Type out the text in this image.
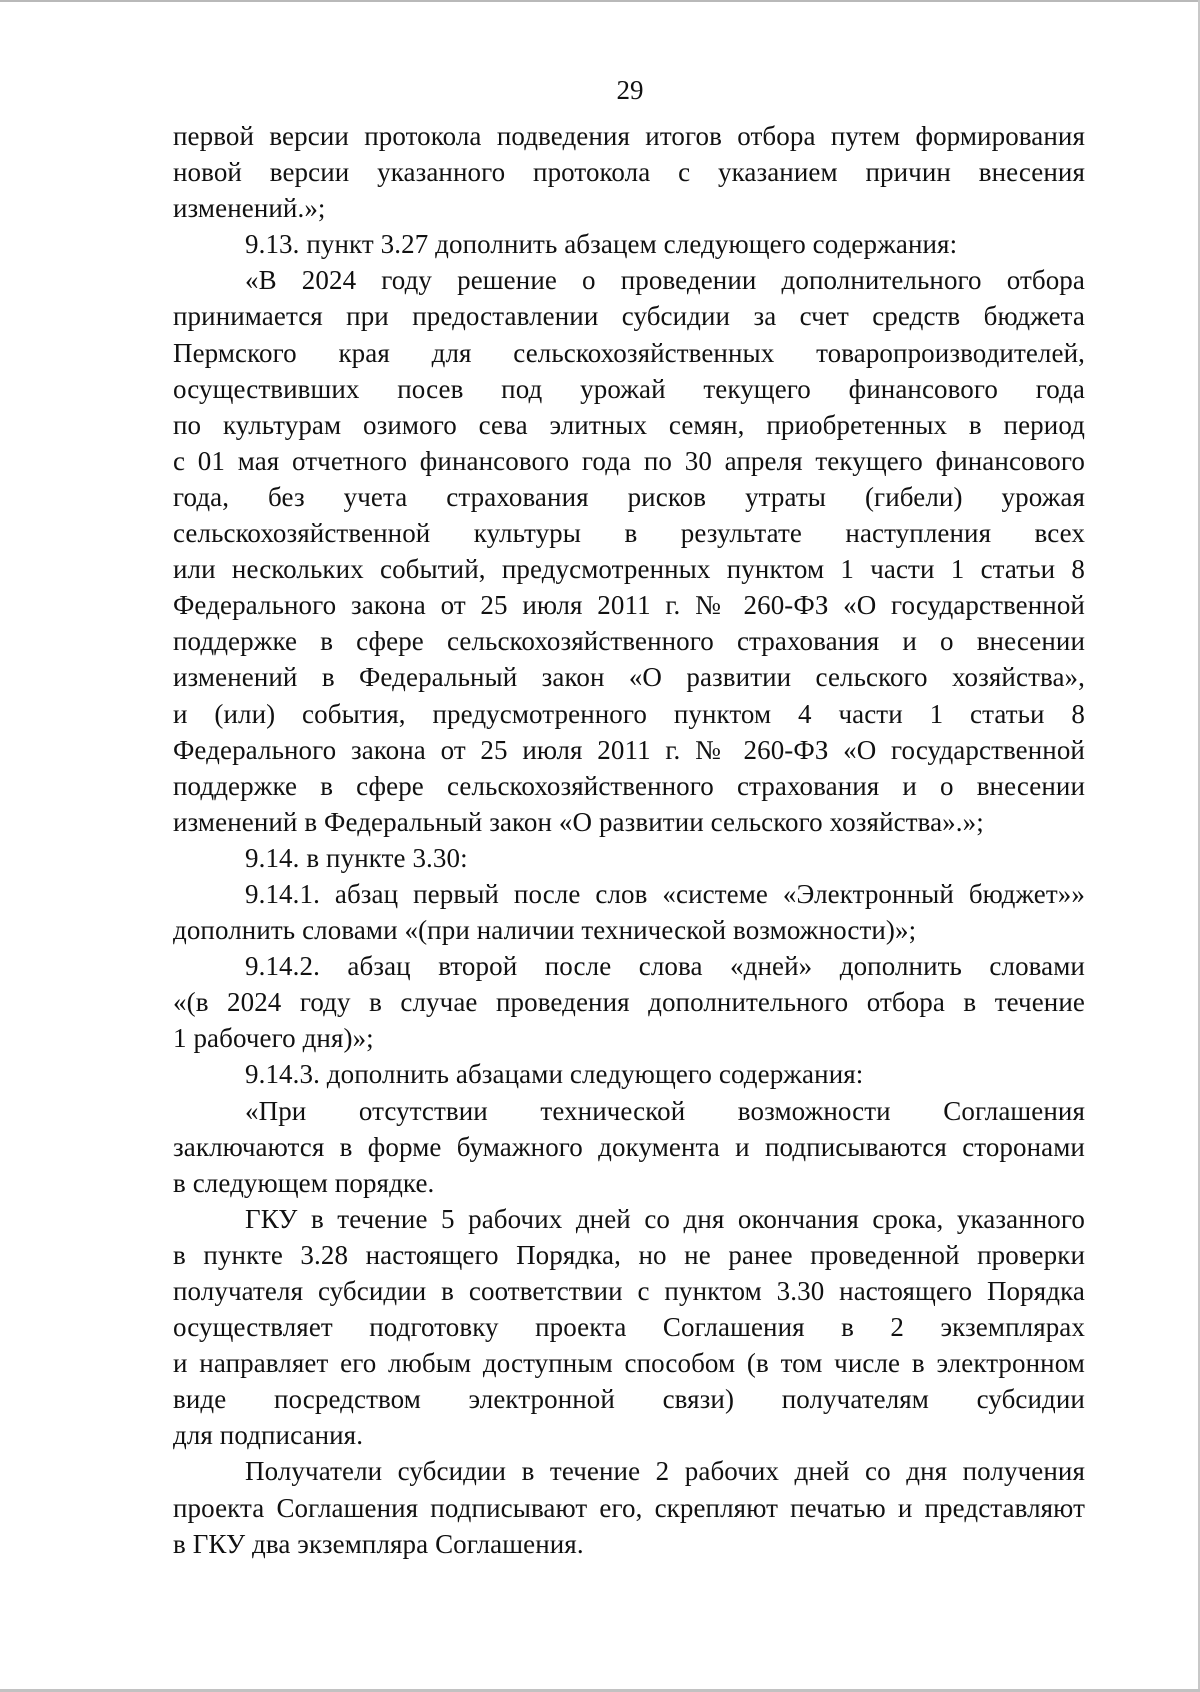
29

первой версии протокола подведения итогов отбора путем формирования
новой версии указанного протокола с указанием причин внесения
изменений.»;

9.13. пункт 3.27 дополнить абзацем следующего содержания:

«В 2024 году решение о проведении дополнительного отбора
принимается при предоставлении субсидии за счет средств бюджета
Пермского края для сельскохозяйственных товаропроизводителей,
осуществивших посев под урожай текущего финансового года
по культурам озимого сева элитных семян, приобретенных в период
с 01 мая отчетного финансового года по 30 апреля текущего финансового
года, без учета страхования рисков утраты (гибели) урожая
сельскохозяйственной культуры в результате наступления всех
или нескольких событий, предусмотренных пунктом 1 части 1 статьи 8
Федерального закона от 25 июля 2011 г. № 260-ФЗ «О государственной
поддержке в сфере сельскохозяйственного страхования и о внесении
изменений в Федеральный закон «О развитии сельского хозяйства»,
и (или) события, предусмотренного пунктом 4 части 1 статьи 8
Федерального закона от 25 июля 2011 г. № 260-ФЗ «О государственной
поддержке в сфере сельскохозяйственного страхования и о внесении
изменений в Федеральный закон «О развитии сельского хозяйства».»;

9.14. в пункте 3.30:

9.14.1. абзац первый после слов «системе «Электронный бюджет»»
дополнить словами «(при наличии технической возможности)»;

9.14.2. абзац второй после слова «дней» дополнить словами
«(в 2024 году в случае проведения дополнительного отбора в течение
1 рабочего дня)»;

9.14.3. дополнить абзацами следующего содержания:

«При отсутствии технической возможности Соглашения
заключаются в форме бумажного документа и подписываются сторонами
в следующем порядке.

ГКУ в течение 5 рабочих дней со дня окончания срока, указанного
в пункте 3.28 настоящего Порядка, но не ранее проведенной проверки
получателя субсидии в соответствии с пунктом 3.30 настоящего Порядка
осуществляет подготовку проекта Соглашения в 2 экземплярах
и направляет его любым доступным способом (в том числе в электронном
виде посредством электронной связи) получателям субсидии
для подписания.

Получатели субсидии в течение 2 рабочих дней со дня получения
проекта Соглашения подписывают его, скрепляют печатью и представляют
в ГКУ два экземпляра Соглашения.
